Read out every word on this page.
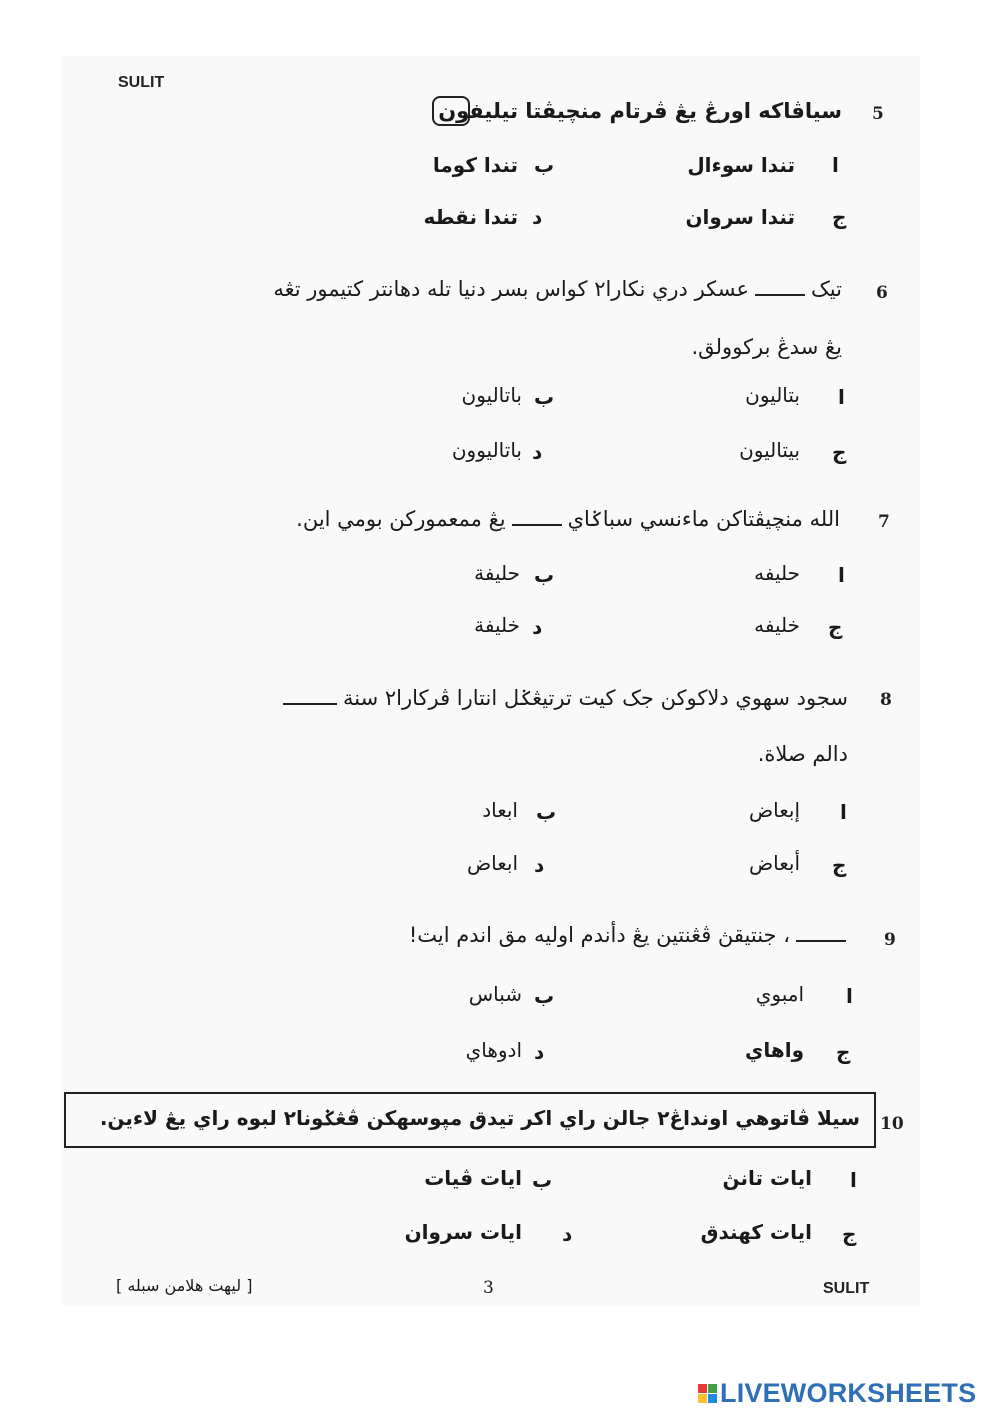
SULIT
5
سياڤاکه اورڠ يڠ ڤرتام منچيڤتا تيليفون
ا
تندا سوءال
ب
تندا کوما
ج
تندا سروان
د
تندا نقطه
6
تيکعسکر دري نکارا٢ کواس بسر دنيا تله دهانتر کتيمور تڠه
يڠ سدڠ برکوولق.
ا
بتاليون
ب
باتاليون
ج
بيتاليون
د
باتاليوون
7
الله منچيڤتاکن ماءنسي سباݢاييڠ ممعمورکن بومي اين.
ا
حليفه
ب
حليفة
ج
خليفه
د
خليفة
8
سجود سهوي دلاکوکن جک کيت ترتيڠݢل انتارا ڤرکارا٢ سنة
دالم صلاة.
ا
إبعاض
ب
ابعاد
ج
أبعاض
د
ابعاض
9
، جنتيقڽ ڤڠنتين يڠ دأندم اوليه مق اندم ايت!
ا
امبوي
ب
شباس
ج
واهاي
د
ادوهاي
10
سيلا ڤاتوهي اونداڠ٢ جالن راي اکر تيدق مپوسهکن ڤڠݢونا٢ لبوه راي يڠ لاءين.
ا
ايات تانڽ
ب
ايات ڤيات
ج
ايات کهندق
د
ايات سروان
[ ليهت هلامن سبله ]	3	SULIT
LIVEWORKSHEETS
